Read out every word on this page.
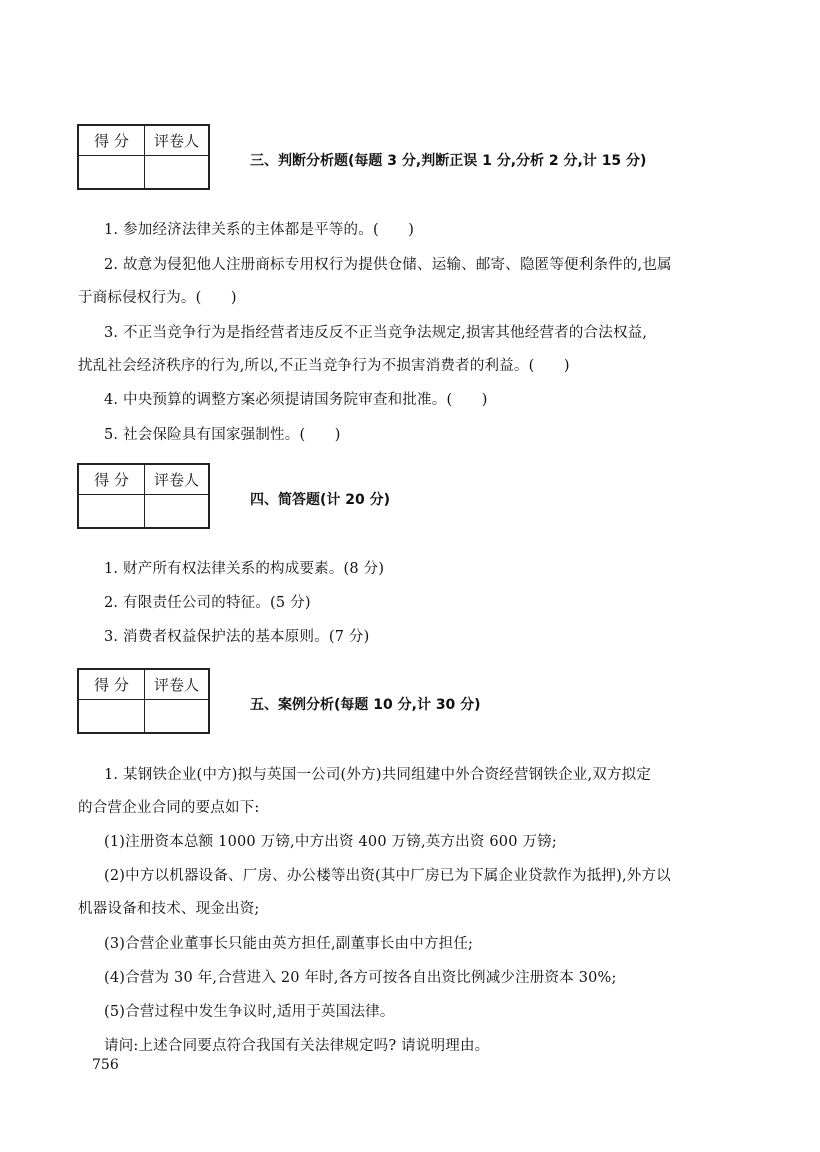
得 分	评卷人
三、判断分析题(每题 3 分,判断正误 1 分,分析 2 分,计 15 分)
1. 参加经济法律关系的主体都是平等的。(　　)
2. 故意为侵犯他人注册商标专用权行为提供仓储、运输、邮寄、隐匿等便利条件的,也属
于商标侵权行为。(　　)
3. 不正当竞争行为是指经营者违反反不正当竞争法规定,损害其他经营者的合法权益,
扰乱社会经济秩序的行为,所以,不正当竞争行为不损害消费者的利益。(　　)
4. 中央预算的调整方案必须提请国务院审查和批准。(　　)
5. 社会保险具有国家强制性。(　　)
得 分	评卷人
四、简答题(计 20 分)
1. 财产所有权法律关系的构成要素。(8 分)
2. 有限责任公司的特征。(5 分)
3. 消费者权益保护法的基本原则。(7 分)
得 分	评卷人
五、案例分析(每题 10 分,计 30 分)
1. 某钢铁企业(中方)拟与英国一公司(外方)共同组建中外合资经营钢铁企业,双方拟定
的合营企业合同的要点如下:
(1)注册资本总额 1000 万镑,中方出资 400 万镑,英方出资 600 万镑;
(2)中方以机器设备、厂房、办公楼等出资(其中厂房已为下属企业贷款作为抵押),外方以
机器设备和技术、现金出资;
(3)合营企业董事长只能由英方担任,副董事长由中方担任;
(4)合营为 30 年,合营进入 20 年时,各方可按各自出资比例减少注册资本 30%;
(5)合营过程中发生争议时,适用于英国法律。
请问:上述合同要点符合我国有关法律规定吗? 请说明理由。
756
